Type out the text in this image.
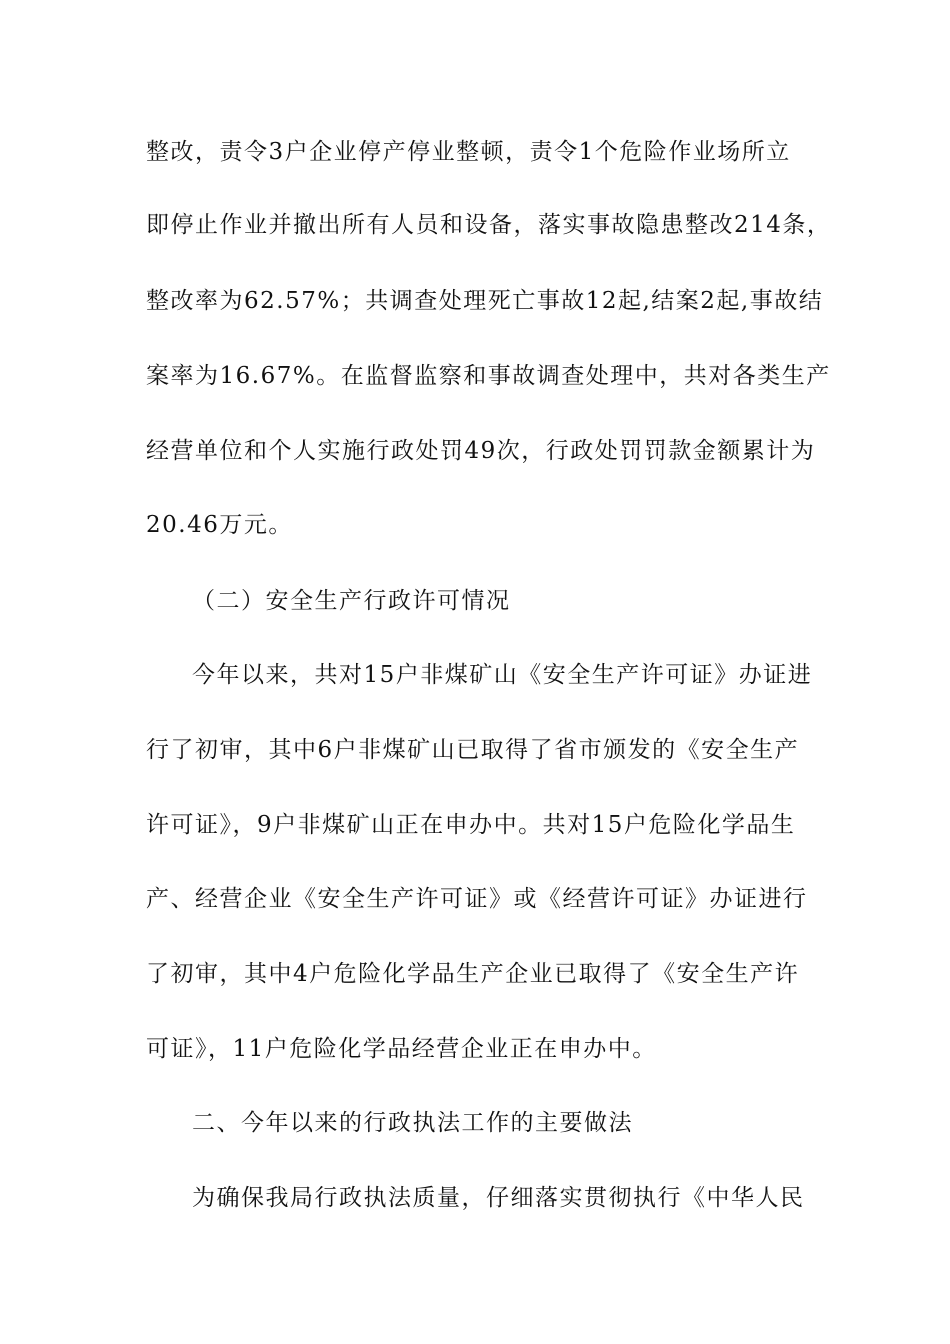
整改，责令3户企业停产停业整顿，责令1个危险作业场所立
即停止作业并撤出所有人员和设备，落实事故隐患整改214条，
整改率为62.57%；共调查处理死亡事故12起,结案2起,事故结
案率为16.67%。在监督监察和事故调查处理中，共对各类生产
经营单位和个人实施行政处罚49次，行政处罚罚款金额累计为
20.46万元。
（二）安全生产行政许可情况
今年以来，共对15户非煤矿山《安全生产许可证》办证进
行了初审，其中6户非煤矿山已取得了省市颁发的《安全生产
许可证》，9户非煤矿山正在申办中。共对15户危险化学品生
产、经营企业《安全生产许可证》或《经营许可证》办证进行
了初审，其中4户危险化学品生产企业已取得了《安全生产许
可证》，11户危险化学品经营企业正在申办中。
二、今年以来的行政执法工作的主要做法
为确保我局行政执法质量，仔细落实贯彻执行《中华人民
